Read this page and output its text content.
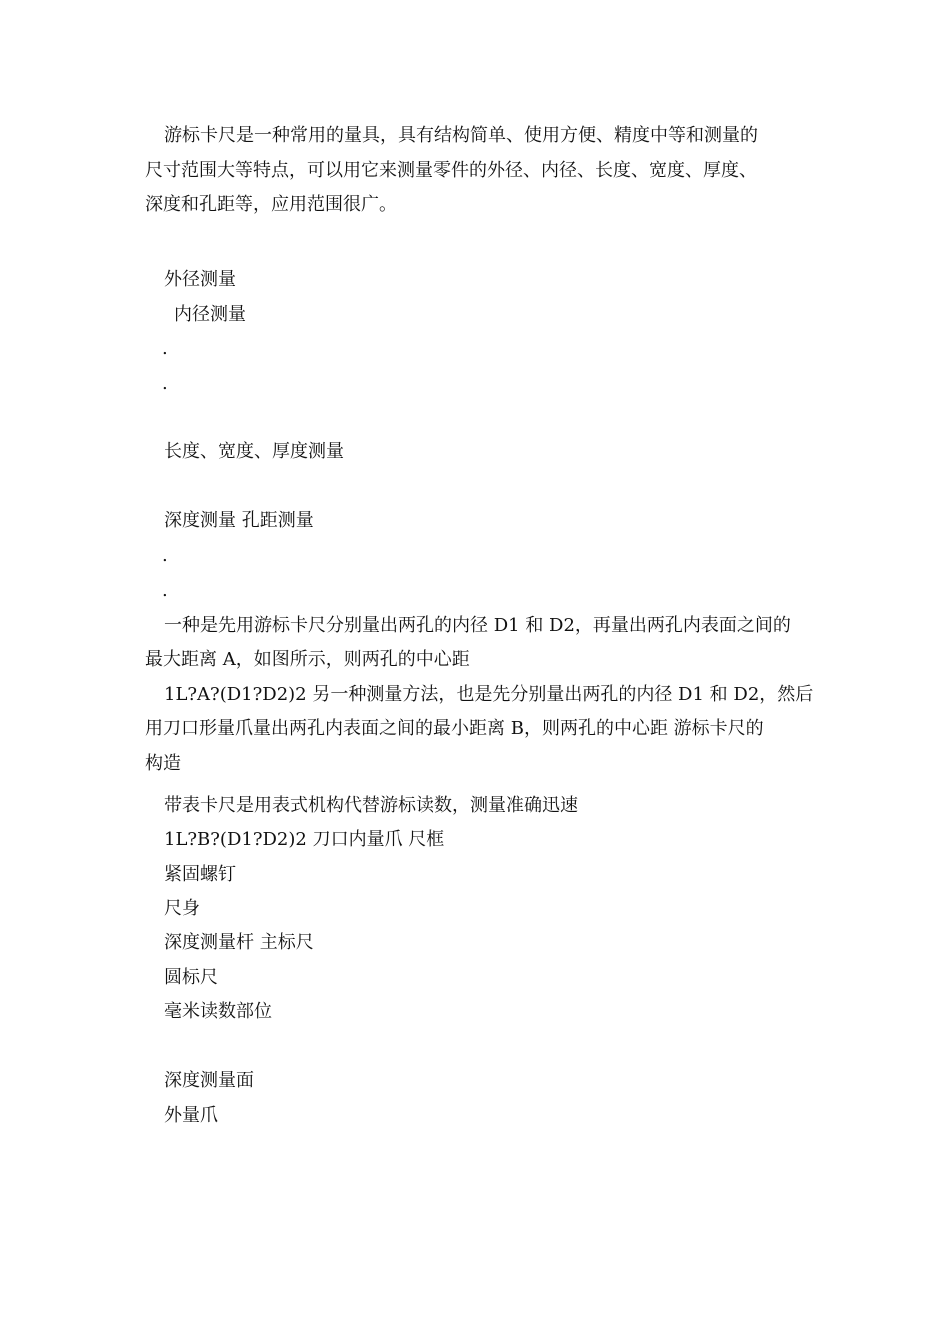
游标卡尺是一种常用的量具，具有结构简单、使用方便、精度中等和测量的
尺寸范围大等特点，可以用它来测量零件的外径、内径、长度、宽度、厚度、
深度和孔距等，应用范围很广。
外径测量
内径测量
.
.
长度、宽度、厚度测量
深度测量 孔距测量
.
.
一种是先用游标卡尺分别量出两孔的内径 D1 和 D2，再量出两孔内表面之间的
最大距离 A，如图所示，则两孔的中心距
1L?A?(D1?D2)2 另一种测量方法，也是先分别量出两孔的内径 D1 和 D2，然后
用刀口形量爪量出两孔内表面之间的最小距离 B，则两孔的中心距 游标卡尺的
构造
带表卡尺是用表式机构代替游标读数，测量准确迅速
1L?B?(D1?D2)2 刀口内量爪 尺框
紧固螺钉
尺身
深度测量杆 主标尺
圆标尺
毫米读数部位
深度测量面
外量爪
